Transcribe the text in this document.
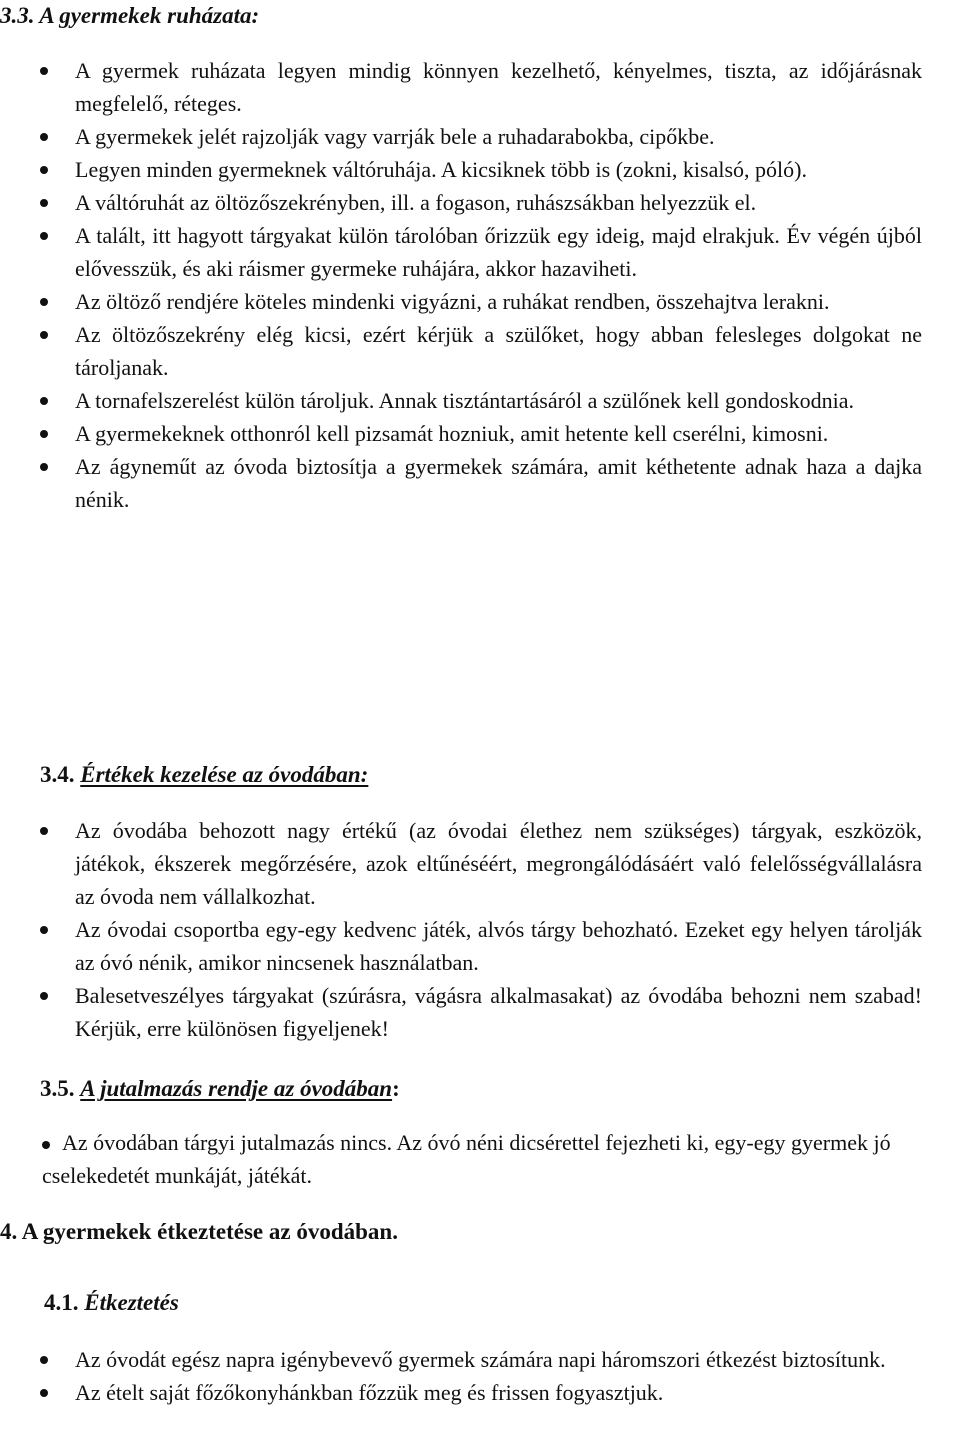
3.3. A gyermekek ruházata:
A gyermek ruházata legyen mindig könnyen kezelhető, kényelmes, tiszta, az időjárásnak megfelelő, réteges.
A gyermekek jelét rajzolják vagy varrják bele a ruhadarabokba, cipőkbe.
Legyen minden gyermeknek váltóruhája. A kicsiknek több is (zokni, kisalsó, póló).
A váltóruhát az öltözőszekrényben, ill. a fogason, ruhászsákban helyezzük el.
A talált, itt hagyott tárgyakat külön tárolóban őrizzük egy ideig, majd elrakjuk. Év végén újból elővesszük, és aki ráismer gyermeke ruhájára, akkor hazaviheti.
Az öltöző rendjére köteles mindenki vigyázni, a ruhákat rendben, összehajtva lerakni.
Az öltözőszekrény elég kicsi, ezért kérjük a szülőket, hogy abban felesleges dolgokat ne tároljanak.
A tornafelszerelést külön tároljuk. Annak tisztántartásáról a szülőnek kell gondoskodnia.
A gyermekeknek otthonról kell pizsamát hozniuk, amit hetente kell cserélni, kimosni.
Az ágyneműt az óvoda biztosítja a gyermekek számára, amit kéthetente adnak haza a dajka nénik.
3.4. Értékek kezelése az óvodában:
Az óvodába behozott nagy értékű (az óvodai élethez nem szükséges) tárgyak, eszközök, játékok, ékszerek megőrzésére, azok eltűnéséért, megrongálódásáért való felelősségvállalásra az óvoda nem vállalkozhat.
Az óvodai csoportba egy-egy kedvenc játék, alvós tárgy behozható. Ezeket egy helyen tárolják az óvó nénik, amikor nincsenek használatban.
Balesetveszélyes tárgyakat (szúrásra, vágásra alkalmasakat) az óvodába behozni nem szabad! Kérjük, erre különösen figyeljenek!
3.5. A jutalmazás rendje az óvodában:

Az óvodában tárgyi jutalmazás nincs. Az óvó néni dicsérettel fejezheti ki, egy-egy gyermek jó cselekedetét munkáját, játékát.

4. A gyermekek étkeztetése az óvodában.
4.1. Étkeztetés
Az óvodát egész napra igénybevevő gyermek számára napi háromszori étkezést biztosítunk.
Az ételt saját főzőkonyhánkban főzzük meg és frissen fogyasztjuk.
